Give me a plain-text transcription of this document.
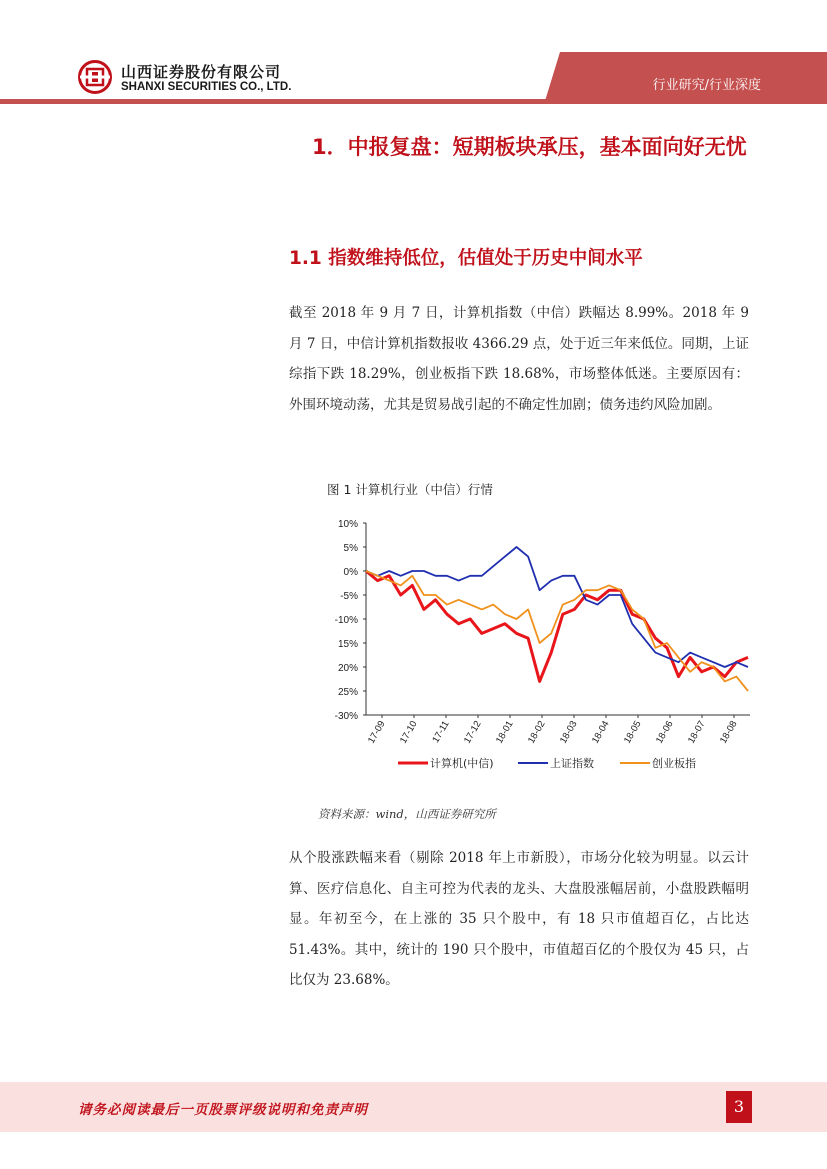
山西证券股份有限公司
SHANXI SECURITIES CO., LTD.	行业研究/行业深度
1．中报复盘：短期板块承压，基本面向好无忧
1.1 指数维持低位，估值处于历史中间水平
截至 2018 年 9 月 7 日，计算机指数（中信）跌幅达 8.99%。2018 年 9 月 7 日，中信计算机指数报收 4366.29 点，处于近三年来低位。同期，上证综指下跌 18.29%，创业板指下跌 18.68%，市场整体低迷。主要原因有：外围环境动荡，尤其是贸易战引起的不确定性加剧；债务违约风险加剧。
图 1 计算机行业（中信）行情
10%
5%
0%
-5%
-10%
15%
20%
25%
-30%
17-09 17-10 17-11 17-12 18-01 18-02 18-03 18-04 18-05 18-06 18-07 18-08
计算机(中信)	上证指数	创业板指
资料来源：wind，山西证券研究所
从个股涨跌幅来看（剔除 2018 年上市新股），市场分化较为明显。以云计算、医疗信息化、自主可控为代表的龙头、大盘股涨幅居前，小盘股跌幅明显。年初至今，在上涨的 35 只个股中，有 18 只市值超百亿，占比达 51.43%。其中，统计的 190 只个股中，市值超百亿的个股仅为 45 只，占比仅为 23.68%。
请务必阅读最后一页股票评级说明和免责声明	3
